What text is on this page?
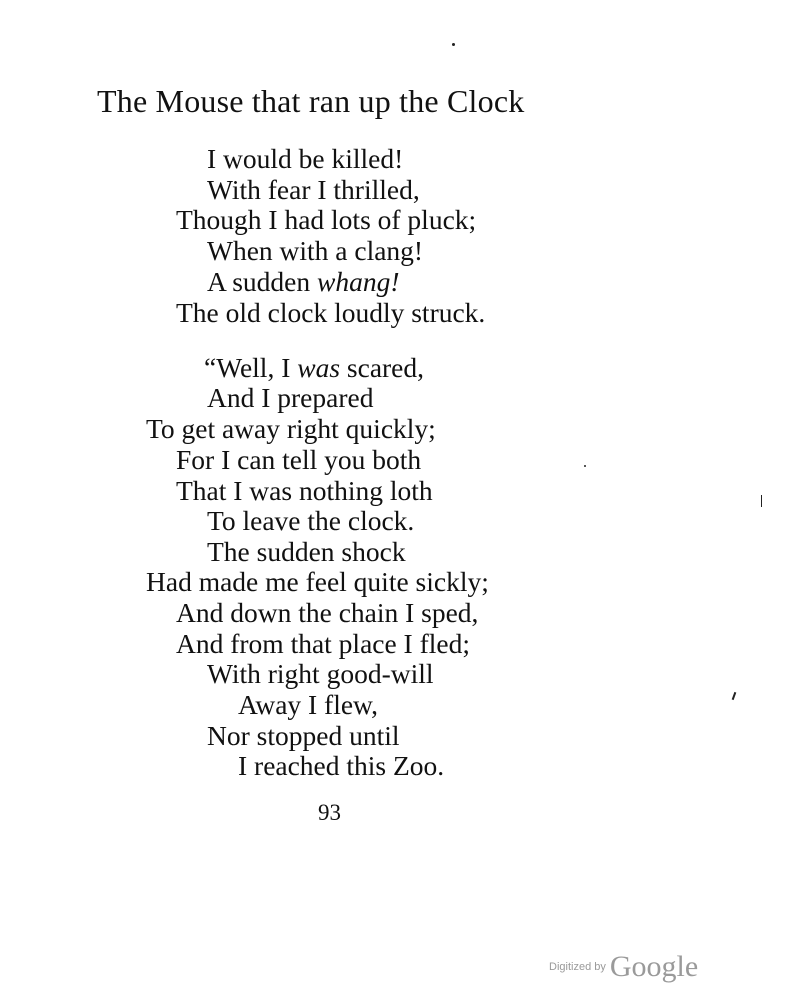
The Mouse that ran up the Clock
I would be killed!
With fear I thrilled,
Though I had lots of pluck;
When with a clang!
A sudden whang!
The old clock loudly struck.
“Well, I was scared,
And I prepared
To get away right quickly;
For I can tell you both
That I was nothing loth
To leave the clock.
The sudden shock
Had made me feel quite sickly;
And down the chain I sped,
And from that place I fled;
With right good-will
Away I flew,
Nor stopped until
I reached this Zoo.
93
Digitized by Google
